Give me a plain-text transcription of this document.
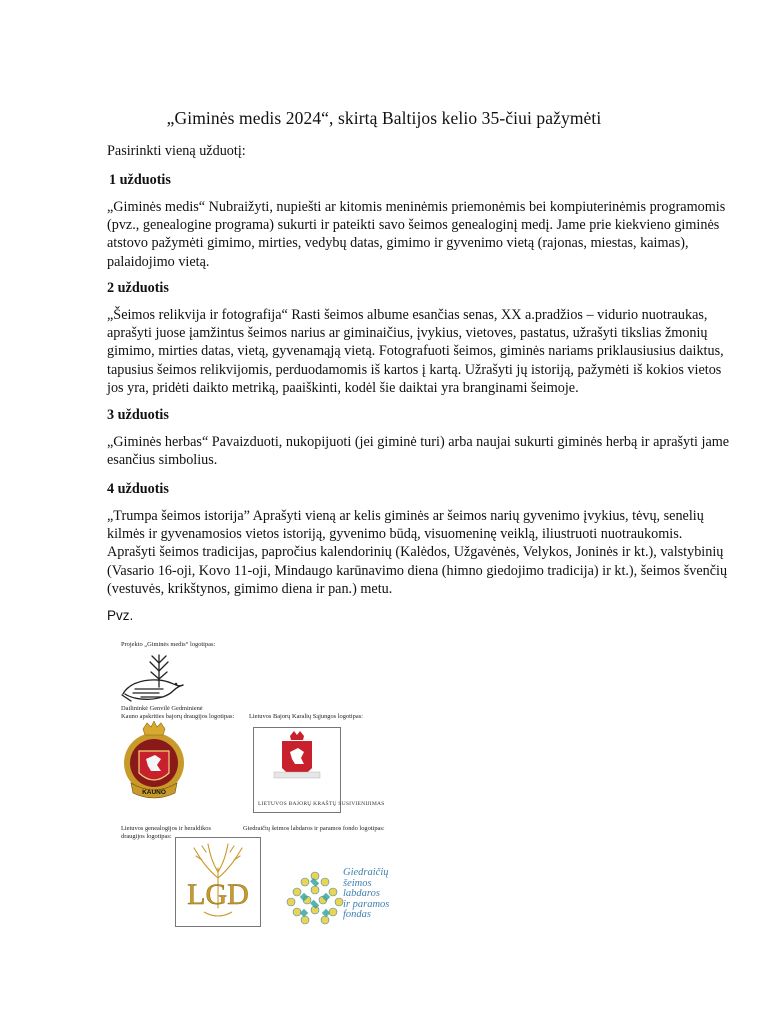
„Giminės medis 2024“, skirtą Baltijos kelio 35-čiui pažymėti

Pasirinkti vieną užduotį:

1 užduotis

„Giminės medis“ Nubraižyti, nupiešti ar kitomis meninėmis priemonėmis bei kompiuterinėmis programomis (pvz., genealogine programa) sukurti ir pateikti savo šeimos genealoginį medį. Jame prie kiekvieno giminės atstovo pažymėti gimimo, mirties, vedybų datas, gimimo ir gyvenimo vietą (rajonas, miestas, kaimas), palaidojimo vietą.

2 užduotis

„Šeimos relikvija ir fotografija“ Rasti šeimos albume esančias senas, XX a.pradžios – vidurio nuotraukas, aprašyti juose įamžintus šeimos narius ar giminaičius, įvykius, vietoves, pastatus, užrašyti tikslias žmonių gimimo, mirties datas, vietą, gyvenamąją vietą. Fotografuoti šeimos, giminės nariams priklausiusius daiktus, tapusius šeimos relikvijomis, perduodamomis iš kartos į kartą. Užrašyti jų istoriją, pažymėti iš kokios vietos jos yra, pridėti daikto metriką, paaiškinti, kodėl šie daiktai yra branginami šeimoje.

3 užduotis

„Giminės herbas“ Pavaizduoti, nukopijuoti (jei giminė turi) arba naujai sukurti giminės herbą ir aprašyti jame esančius simbolius.

4 užduotis

„Trumpa šeimos istorija” Aprašyti vieną ar kelis giminės ar šeimos narių gyvenimo įvykius, tėvų, senelių kilmės ir gyvenamosios vietos istoriją, gyvenimo būdą, visuomeninę veiklą, iliustruoti nuotraukomis. Aprašyti šeimos tradicijas, papročius kalendorinių (Kalėdos, Užgavėnės, Velykos, Joninės ir kt.), valstybinių (Vasario 16-oji, Kovo 11-oji, Mindaugo karūnavimo diena (himno giedojimo tradicija) ir kt.), šeimos švenčių (vestuvės, krikštynos, gimimo diena ir pan.) metu.

Pvz.

Projekto „Giminės medis“ logotipas:
Dailininkė Genvilė Gedminienė
Kauno apskrities bajorų draugijos logotipas: Lietuvos Bajorų Karalių Sąjungos logotipas:
KAUNO
LIETUVOS BAJORŲ KRAŠTŲ SUSIVIENIJIMAS
Lietuvos genealogijos ir heraldikos
draugijos logotipas:
Giedraičių šeimos labdaros ir paramos fondo logotipas:
LGD
Giedraičių
šeimos
labdaros
ir paramos
fondas
